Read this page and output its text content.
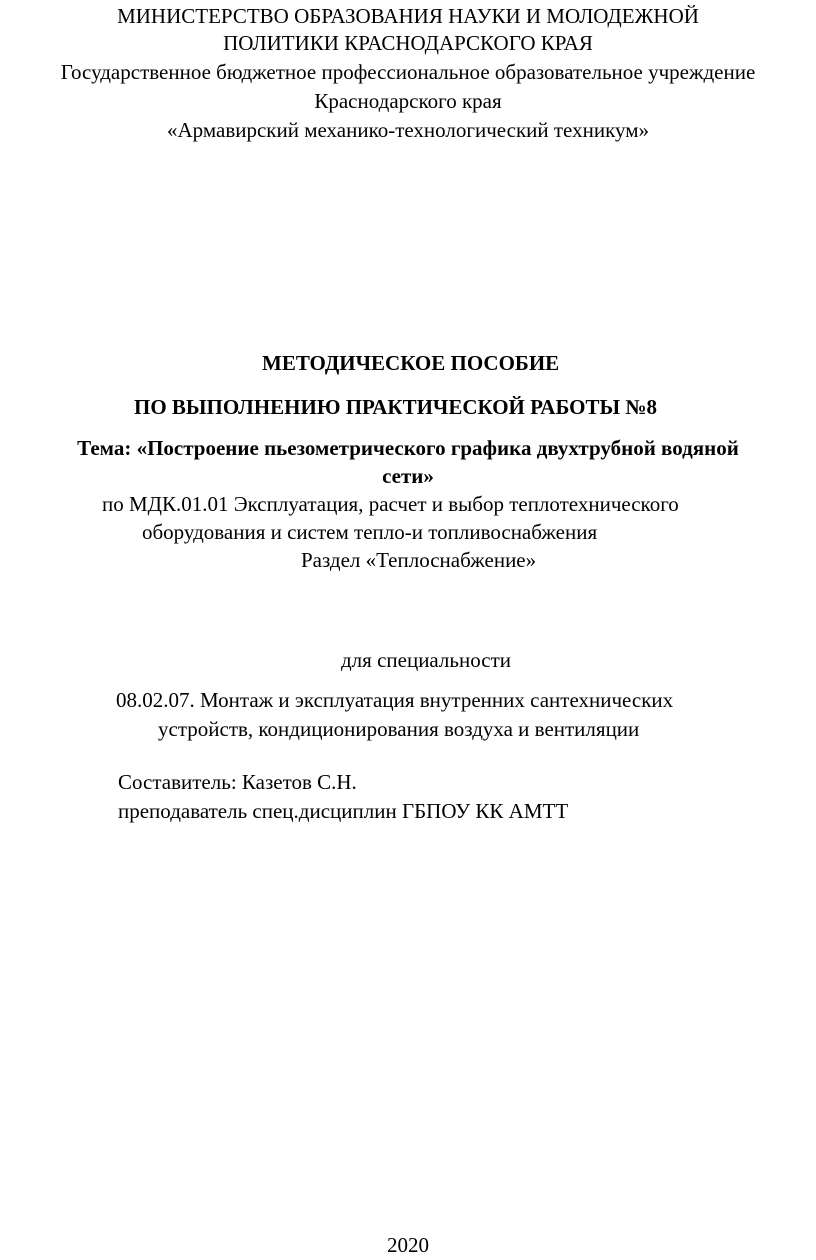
МИНИСТЕРСТВО ОБРАЗОВАНИЯ НАУКИ И МОЛОДЕЖНОЙ
ПОЛИТИКИ КРАСНОДАРСКОГО КРАЯ
Государственное бюджетное профессиональное образовательное учреждение
Краснодарского края
«Армавирский механико-технологический техникум»
МЕТОДИЧЕСКОЕ ПОСОБИЕ
ПО ВЫПОЛНЕНИЮ ПРАКТИЧЕСКОЙ РАБОТЫ №8
Тема: «Построение пьезометрического графика двухтрубной водяной
сети»
по МДК.01.01 Эксплуатация, расчет и выбор теплотехнического
оборудования и систем тепло-и топливоснабжения
Раздел «Теплоснабжение»
для специальности
08.02.07. Монтаж и эксплуатация внутренних сантехнических
устройств, кондиционирования воздуха и вентиляции
Составитель: Казетов С.Н.
преподаватель спец.дисциплин ГБПОУ КК АМТТ
2020
